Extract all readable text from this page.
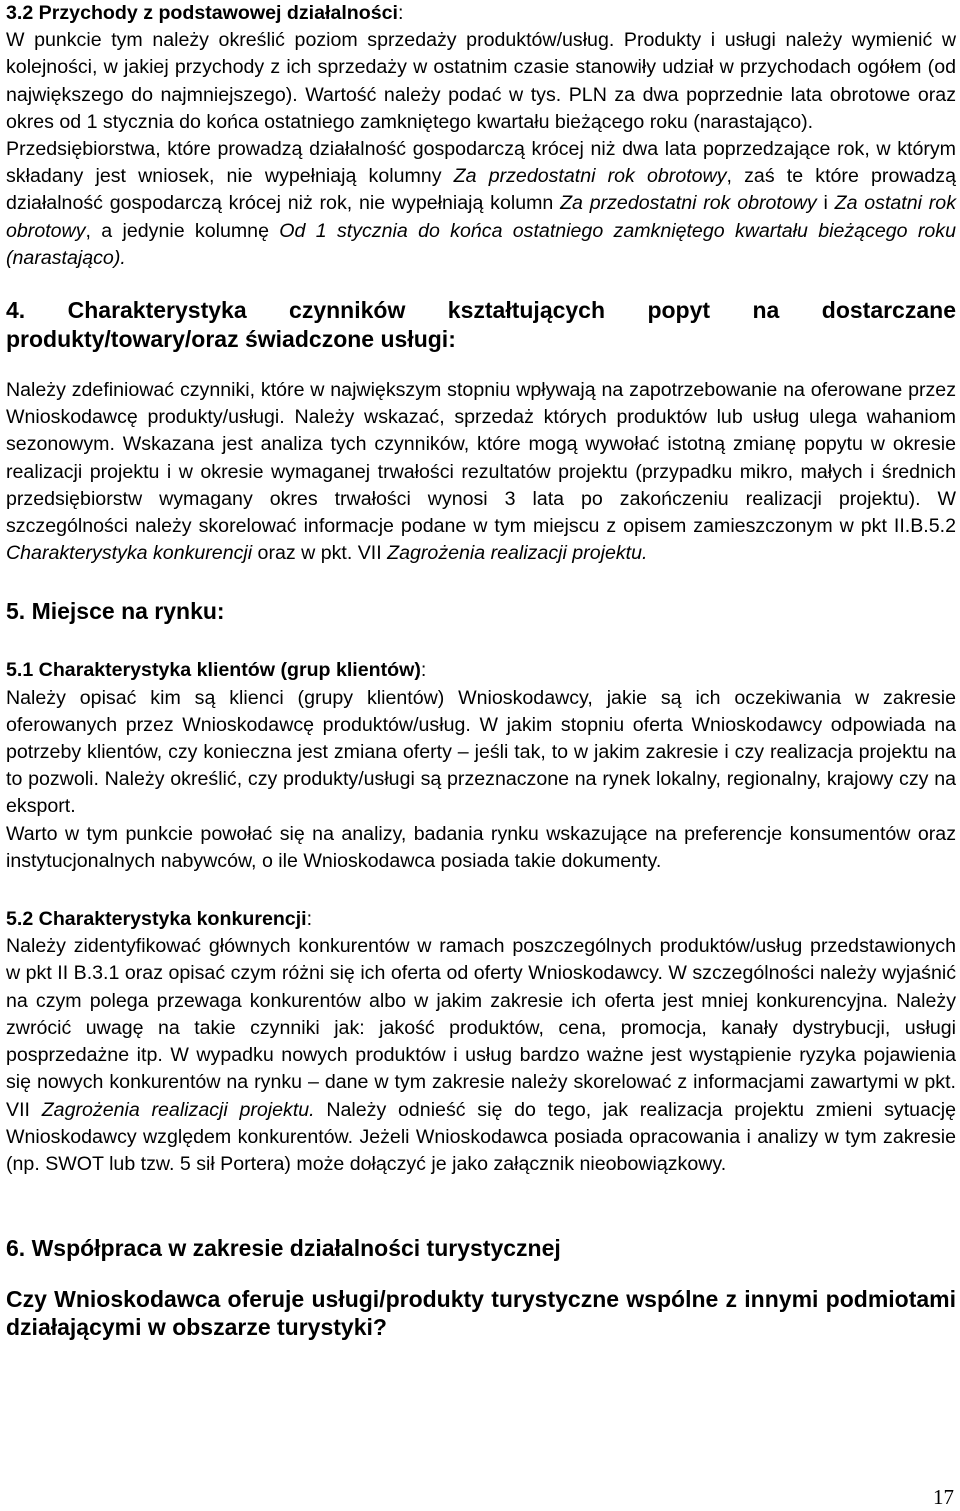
3.2 Przychody z podstawowej działalności:

W punkcie tym należy określić poziom sprzedaży produktów/usług. Produkty i usługi należy wymienić w kolejności, w jakiej przychody z ich sprzedaży w ostatnim czasie stanowiły udział w przychodach ogółem (od największego do najmniejszego). Wartość należy podać w tys. PLN za dwa poprzednie lata obrotowe oraz okres od 1 stycznia do końca ostatniego zamkniętego kwartału bieżącego roku (narastająco).

Przedsiębiorstwa, które prowadzą działalność gospodarczą krócej niż dwa lata poprzedzające rok, w którym składany jest wniosek, nie wypełniają kolumny Za przedostatni rok obrotowy, zaś te które prowadzą działalność gospodarczą krócej niż rok, nie wypełniają kolumn Za przedostatni rok obrotowy i Za ostatni rok obrotowy, a jedynie kolumnę Od 1 stycznia do końca ostatniego zamkniętego kwartału bieżącego roku (narastająco).

4. Charakterystyka czynników kształtujących popyt na dostarczane produkty/towary/oraz świadczone usługi:

Należy zdefiniować czynniki, które w największym stopniu wpływają na zapotrzebowanie na oferowane przez Wnioskodawcę produkty/usługi. Należy wskazać, sprzedaż których produktów lub usług ulega wahaniom sezonowym. Wskazana jest analiza tych czynników, które mogą wywołać istotną zmianę popytu w okresie realizacji projektu i w okresie wymaganej trwałości rezultatów projektu (przypadku mikro, małych i średnich przedsiębiorstw wymagany okres trwałości wynosi 3 lata po zakończeniu realizacji projektu). W szczególności należy skorelować informacje podane w tym miejscu z opisem zamieszczonym w pkt II.B.5.2 Charakterystyka konkurencji oraz w pkt. VII Zagrożenia realizacji projektu.

5. Miejsce na rynku:

5.1 Charakterystyka klientów (grup klientów):

Należy opisać kim są klienci (grupy klientów) Wnioskodawcy, jakie są ich oczekiwania w zakresie oferowanych przez Wnioskodawcę produktów/usług. W jakim stopniu oferta Wnioskodawcy odpowiada na potrzeby klientów, czy konieczna jest zmiana oferty – jeśli tak, to w jakim zakresie i czy realizacja projektu na to pozwoli. Należy określić, czy produkty/usługi są przeznaczone na rynek lokalny, regionalny, krajowy czy na eksport.

Warto w tym punkcie powołać się na analizy, badania rynku wskazujące na preferencje konsumentów oraz instytucjonalnych nabywców, o ile Wnioskodawca posiada takie dokumenty.

5.2 Charakterystyka konkurencji:

Należy zidentyfikować głównych konkurentów w ramach poszczególnych produktów/usług przedstawionych w pkt II B.3.1 oraz opisać czym różni się ich oferta od oferty Wnioskodawcy. W szczególności należy wyjaśnić na czym polega przewaga konkurentów albo w jakim zakresie ich oferta jest mniej konkurencyjna. Należy zwrócić uwagę na takie czynniki jak: jakość produktów, cena, promocja, kanały dystrybucji, usługi posprzedażne itp. W wypadku nowych produktów i usług bardzo ważne jest wystąpienie ryzyka pojawienia się nowych konkurentów na rynku – dane w tym zakresie należy skorelować z informacjami zawartymi w pkt. VII Zagrożenia realizacji projektu. Należy odnieść się do tego, jak realizacja projektu zmieni sytuację Wnioskodawcy względem konkurentów. Jeżeli Wnioskodawca posiada opracowania i analizy w tym zakresie (np. SWOT lub tzw. 5 sił Portera) może dołączyć je jako załącznik nieobowiązkowy.

6. Współpraca w zakresie działalności turystycznej

Czy Wnioskodawca oferuje usługi/produkty turystyczne wspólne z innymi podmiotami działającymi w obszarze turystyki?

17
